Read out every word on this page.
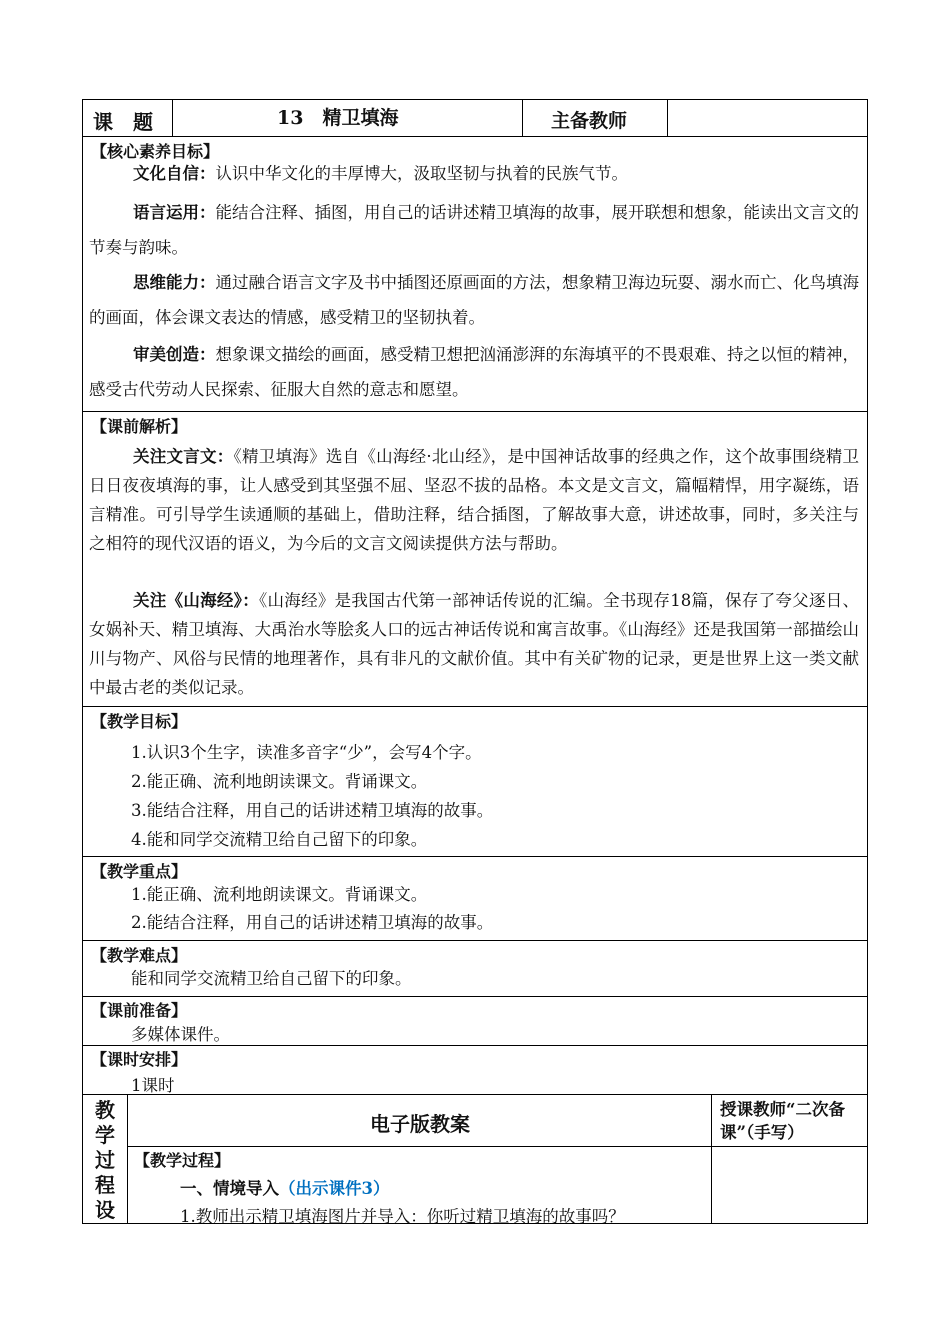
课　题	13　精卫填海	主备教师
【核心素养目标】
文化自信：认识中华文化的丰厚博大，汲取坚韧与执着的民族气节。
语言运用：能结合注释、插图，用自己的话讲述精卫填海的故事，展开联想和想象，能读出文言文的节奏与韵味。
思维能力：通过融合语言文字及书中插图还原画面的方法，想象精卫海边玩耍、溺水而亡、化鸟填海的画面，体会课文表达的情感，感受精卫的坚韧执着。
审美创造：想象课文描绘的画面，感受精卫想把汹涌澎湃的东海填平的不畏艰难、持之以恒的精神，感受古代劳动人民探索、征服大自然的意志和愿望。
【课前解析】
关注文言文：《精卫填海》选自《山海经·北山经》，是中国神话故事的经典之作，这个故事围绕精卫日日夜夜填海的事，让人感受到其坚强不屈、坚忍不拔的品格。本文是文言文，篇幅精悍，用字凝练，语言精准。可引导学生读通顺的基础上，借助注释，结合插图，了解故事大意，讲述故事，同时，多关注与之相符的现代汉语的语义，为今后的文言文阅读提供方法与帮助。
关注《山海经》：《山海经》是我国古代第一部神话传说的汇编。全书现存18篇，保存了夸父逐日、女娲补天、精卫填海、大禹治水等脍炙人口的远古神话传说和寓言故事。《山海经》还是我国第一部描绘山川与物产、风俗与民情的地理著作，具有非凡的文献价值。其中有关矿物的记录，更是世界上这一类文献中最古老的类似记录。
【教学目标】
1.认识3个生字，读准多音字“少”，会写4个字。
2.能正确、流利地朗读课文。背诵课文。
3.能结合注释，用自己的话讲述精卫填海的故事。
4.能和同学交流精卫给自己留下的印象。
【教学重点】
1.能正确、流利地朗读课文。背诵课文。
2.能结合注释，用自己的话讲述精卫填海的故事。
【教学难点】
能和同学交流精卫给自己留下的印象。
【课前准备】
多媒体课件。
【课时安排】
1课时
教
学
过
程
设
电子版教案
【教学过程】
一、情境导入（出示课件3）
1.教师出示精卫填海图片并导入：你听过精卫填海的故事吗？
授课教师“二次备课”（手写）
